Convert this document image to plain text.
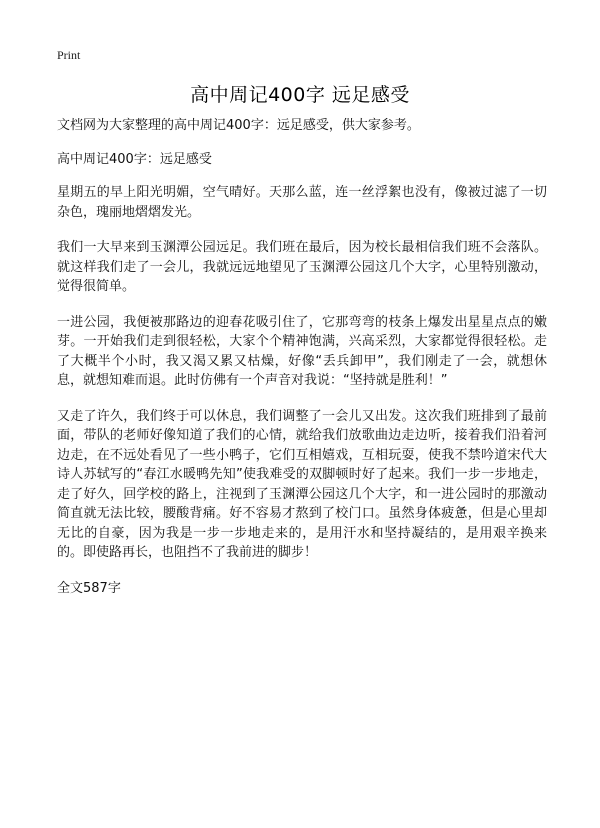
Print
高中周记400字 远足感受

文档网为大家整理的高中周记400字：远足感受，供大家参考。

高中周记400字：远足感受

星期五的早上阳光明媚，空气晴好。天那么蓝，连一丝浮絮也没有，像被过滤了一切杂色，瑰丽地熠熠发光。

我们一大早来到玉渊潭公园远足。我们班在最后，因为校长最相信我们班不会落队。就这样我们走了一会儿，我就远远地望见了玉渊潭公园这几个大字，心里特别激动，觉得很简单。

一进公园，我便被那路边的迎春花吸引住了，它那弯弯的枝条上爆发出星星点点的嫩芽。一开始我们走到很轻松，大家个个精神饱满，兴高采烈，大家都觉得很轻松。走了大概半个小时，我又渴又累又枯燥，好像“丢兵卸甲”，我们刚走了一会，就想休息，就想知难而退。此时仿佛有一个声音对我说：“坚持就是胜利！”

又走了许久，我们终于可以休息，我们调整了一会儿又出发。这次我们班排到了最前面，带队的老师好像知道了我们的心情，就给我们放歌曲边走边听，接着我们沿着河边走，在不远处看见了一些小鸭子，它们互相嬉戏，互相玩耍，使我不禁吟道宋代大诗人苏轼写的“春江水暖鸭先知”使我难受的双脚顿时好了起来。我们一步一步地走，走了好久，回学校的路上，注视到了玉渊潭公园这几个大字，和一进公园时的那激动简直就无法比较，腰酸背痛。好不容易才熬到了校门口。虽然身体疲惫，但是心里却无比的自豪，因为我是一步一步地走来的，是用汗水和坚持凝结的，是用艰辛换来的。即使路再长，也阻挡不了我前进的脚步！

全文587字
